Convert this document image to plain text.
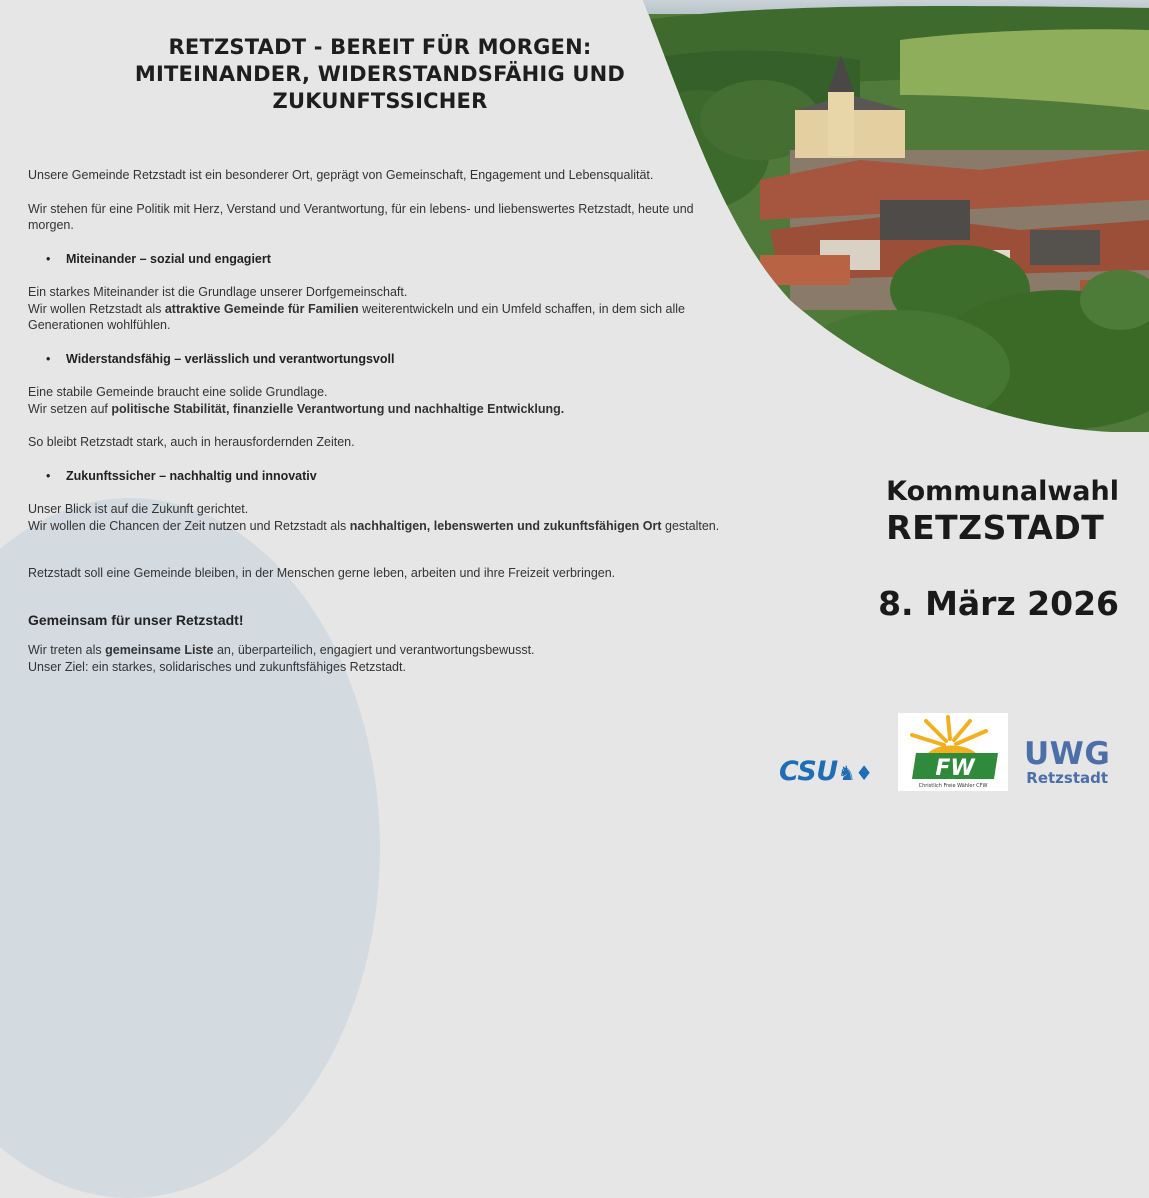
RETZSTADT - BEREIT FÜR MORGEN:
MITEINANDER, WIDERSTANDSFÄHIG UND
ZUKUNFTSSICHER

Unsere Gemeinde Retzstadt ist ein besonderer Ort, geprägt von Gemeinschaft, Engagement und Lebensqualität.

Wir stehen für eine Politik mit Herz, Verstand und Verantwortung, für ein lebens- und liebenswertes Retzstadt, heute und morgen.

• Miteinander – sozial und engagiert

Ein starkes Miteinander ist die Grundlage unserer Dorfgemeinschaft.

Wir wollen Retzstadt als attraktive Gemeinde für Familien weiterentwickeln und ein Umfeld schaffen, in dem sich alle Generationen wohlfühlen.

• Widerstandsfähig – verlässlich und verantwortungsvoll

Eine stabile Gemeinde braucht eine solide Grundlage.

Wir setzen auf politische Stabilität, finanzielle Verantwortung und nachhaltige Entwicklung.

So bleibt Retzstadt stark, auch in herausfordernden Zeiten.

• Zukunftssicher – nachhaltig und innovativ

Unser Blick ist auf die Zukunft gerichtet.

Wir wollen die Chancen der Zeit nutzen und Retzstadt als nachhaltigen, lebenswerten und zukunftsfähigen Ort gestalten.

Retzstadt soll eine Gemeinde bleiben, in der Menschen gerne leben, arbeiten und ihre Freizeit verbringen.

Gemeinsam für unser Retzstadt!

Wir treten als gemeinsame Liste an, überparteilich, engagiert und verantwortungsbewusst.

Unser Ziel: ein starkes, solidarisches und zukunftsfähiges Retzstadt.

Kommunalwahl
RETZSTADT
8. März 2026
CSU♞♦	FW
Christlich Freie Wähler CFW
UWG
Retzstadt
